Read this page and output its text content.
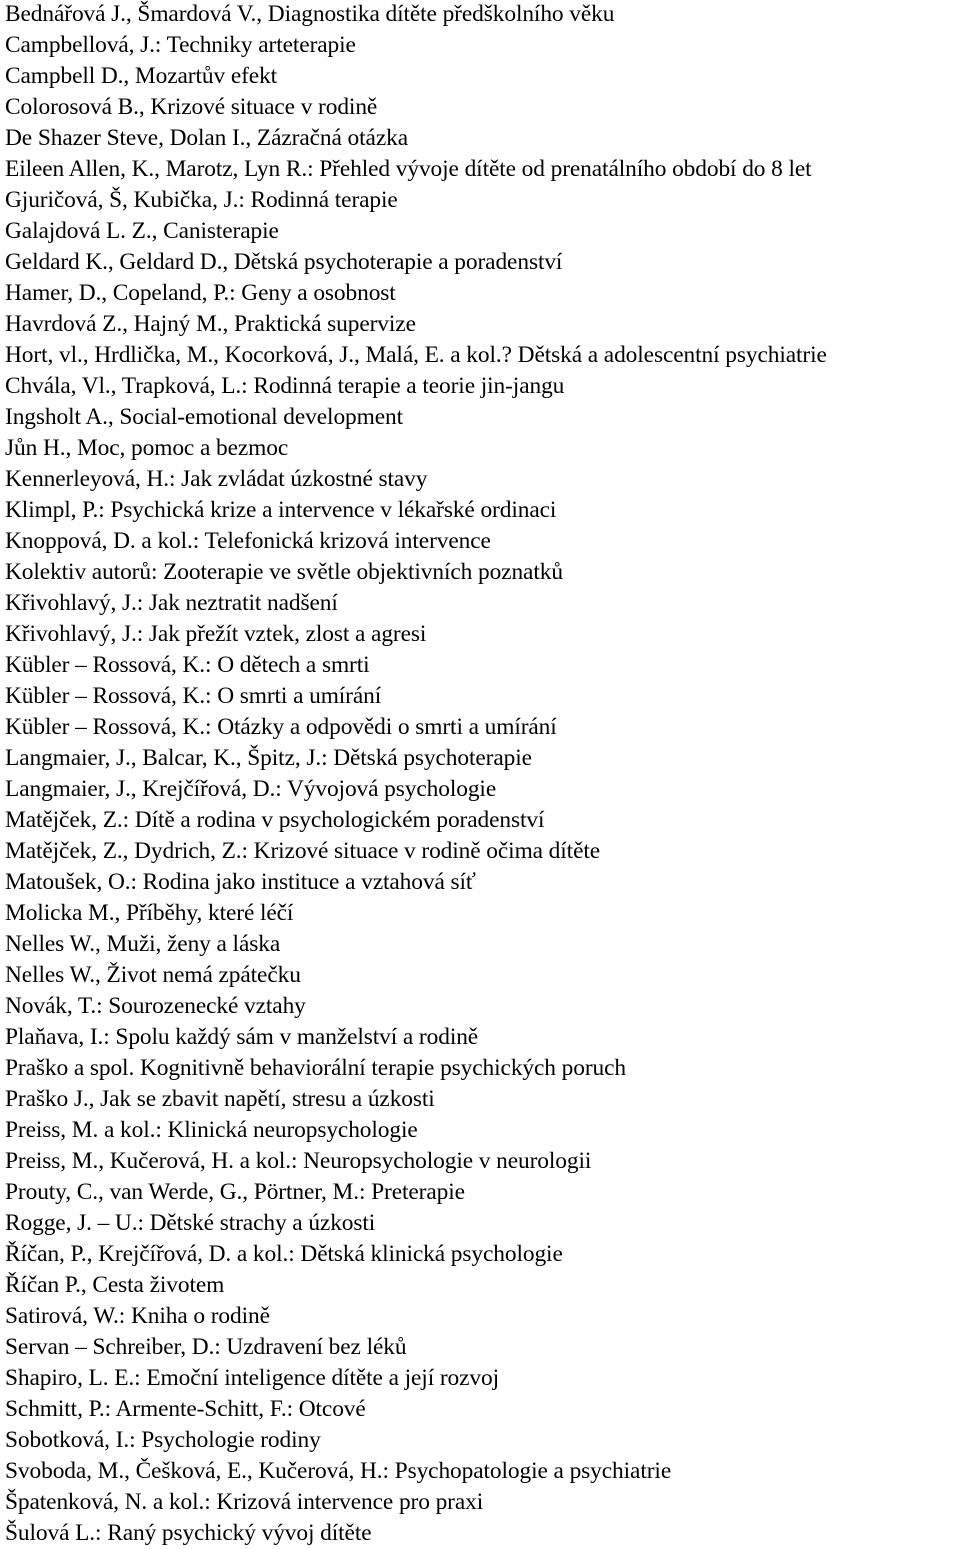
Bednářová J., Šmardová V., Diagnostika dítěte předškolního věku
Campbellová, J.: Techniky arteterapie
Campbell D., Mozartův efekt
Colorosová B., Krizové situace v rodině
De Shazer Steve, Dolan I., Zázračná otázka
Eileen Allen, K., Marotz, Lyn R.: Přehled vývoje dítěte od prenatálního období do 8 let
Gjuričová, Š, Kubička, J.: Rodinná terapie
Galajdová L. Z., Canisterapie
Geldard K., Geldard D., Dětská psychoterapie a poradenství
Hamer, D., Copeland, P.: Geny a osobnost
Havrdová Z., Hajný M., Praktická supervize
Hort, vl., Hrdlička, M., Kocorková, J., Malá, E. a kol.? Dětská a adolescentní psychiatrie
Chvála, Vl., Trapková, L.: Rodinná terapie a teorie jin-jangu
Ingsholt A., Social-emotional development
Jůn H., Moc, pomoc a bezmoc
Kennerleyová, H.: Jak zvládat úzkostné stavy
Klimpl, P.: Psychická krize a intervence v lékařské ordinaci
Knoppová, D. a kol.: Telefonická krizová intervence
Kolektiv autorů: Zooterapie ve světle objektivních poznatků
Křivohlavý, J.: Jak neztratit nadšení
Křivohlavý, J.: Jak přežít vztek, zlost a agresi
Kübler – Rossová, K.: O dětech a smrti
Kübler – Rossová, K.: O smrti a umírání
Kübler – Rossová, K.: Otázky a odpovědi o smrti a umírání
Langmaier, J., Balcar, K., Špitz, J.: Dětská psychoterapie
Langmaier, J., Krejčířová, D.: Vývojová psychologie
Matějček, Z.: Dítě a rodina v psychologickém poradenství
Matějček, Z., Dydrich, Z.: Krizové situace v rodině očima dítěte
Matoušek, O.: Rodina jako instituce a vztahová síť
Molicka M., Příběhy, které léčí
Nelles W., Muži, ženy a láska
Nelles W., Život nemá zpátečku
Novák, T.: Sourozenecké vztahy
Plaňava, I.: Spolu každý sám v manželství a rodině
Praško a spol. Kognitivně behaviorální terapie psychických poruch
Praško J., Jak se zbavit napětí, stresu a úzkosti
Preiss, M. a kol.: Klinická neuropsychologie
Preiss, M., Kučerová, H. a kol.: Neuropsychologie v neurologii
Prouty, C., van Werde, G., Pörtner, M.: Preterapie
Rogge, J. – U.: Dětské strachy a úzkosti
Říčan, P., Krejčířová, D. a kol.: Dětská klinická psychologie
Říčan P., Cesta životem
Satirová, W.: Kniha o rodině
Servan – Schreiber, D.: Uzdravení bez léků
Shapiro, L. E.: Emoční inteligence dítěte a její rozvoj
Schmitt, P.: Armente-Schitt, F.: Otcové
Sobotková, I.: Psychologie rodiny
Svoboda, M., Češková, E., Kučerová, H.: Psychopatologie a psychiatrie
Špatenková, N. a kol.: Krizová intervence pro praxi
Šulová L.: Raný psychický vývoj dítěte
